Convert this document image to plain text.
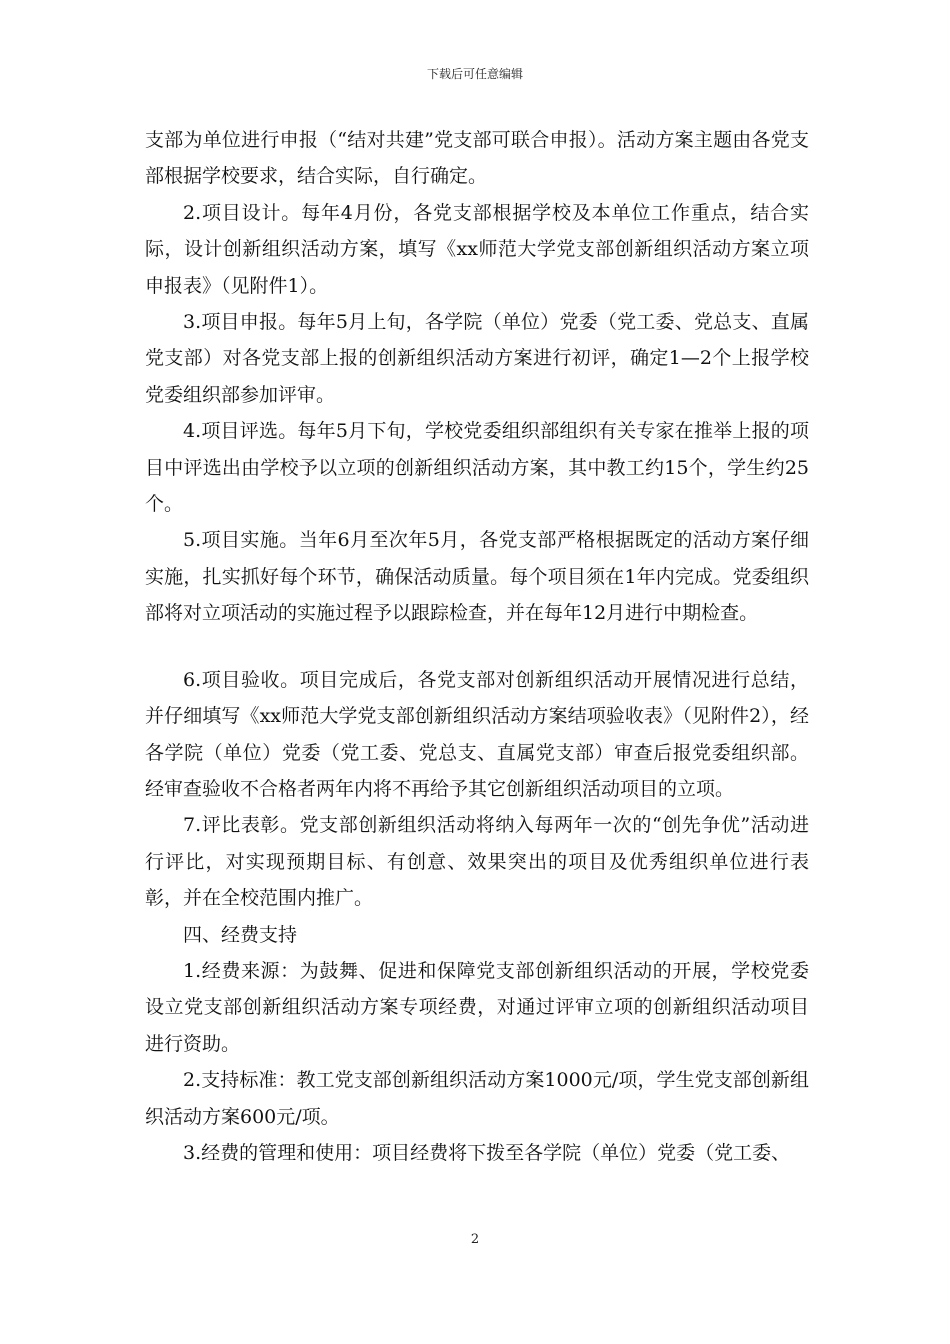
下载后可任意编辑

支部为单位进行申报（“结对共建”党支部可联合申报）。活动方案主题由各党支部根据学校要求，结合实际，自行确定。

2.项目设计。每年4月份，各党支部根据学校及本单位工作重点，结合实际，设计创新组织活动方案，填写《xx师范大学党支部创新组织活动方案立项申报表》（见附件1）。

3.项目申报。每年5月上旬，各学院（单位）党委（党工委、党总支、直属党支部）对各党支部上报的创新组织活动方案进行初评，确定1—2个上报学校党委组织部参加评审。

4.项目评选。每年5月下旬，学校党委组织部组织有关专家在推举上报的项目中评选出由学校予以立项的创新组织活动方案，其中教工约15个，学生约25个。

5.项目实施。当年6月至次年5月，各党支部严格根据既定的活动方案仔细实施，扎实抓好每个环节，确保活动质量。每个项目须在1年内完成。党委组织部将对立项活动的实施过程予以跟踪检查，并在每年12月进行中期检查。

6.项目验收。项目完成后，各党支部对创新组织活动开展情况进行总结，并仔细填写《xx师范大学党支部创新组织活动方案结项验收表》（见附件2），经各学院（单位）党委（党工委、党总支、直属党支部）审查后报党委组织部。经审查验收不合格者两年内将不再给予其它创新组织活动项目的立项。

7.评比表彰。党支部创新组织活动将纳入每两年一次的“创先争优”活动进行评比，对实现预期目标、有创意、效果突出的项目及优秀组织单位进行表彰，并在全校范围内推广。

四、经费支持

1.经费来源：为鼓舞、促进和保障党支部创新组织活动的开展，学校党委设立党支部创新组织活动方案专项经费，对通过评审立项的创新组织活动项目进行资助。

2.支持标准：教工党支部创新组织活动方案1000元/项，学生党支部创新组织活动方案600元/项。

3.经费的管理和使用：项目经费将下拨至各学院（单位）党委（党工委、

2
